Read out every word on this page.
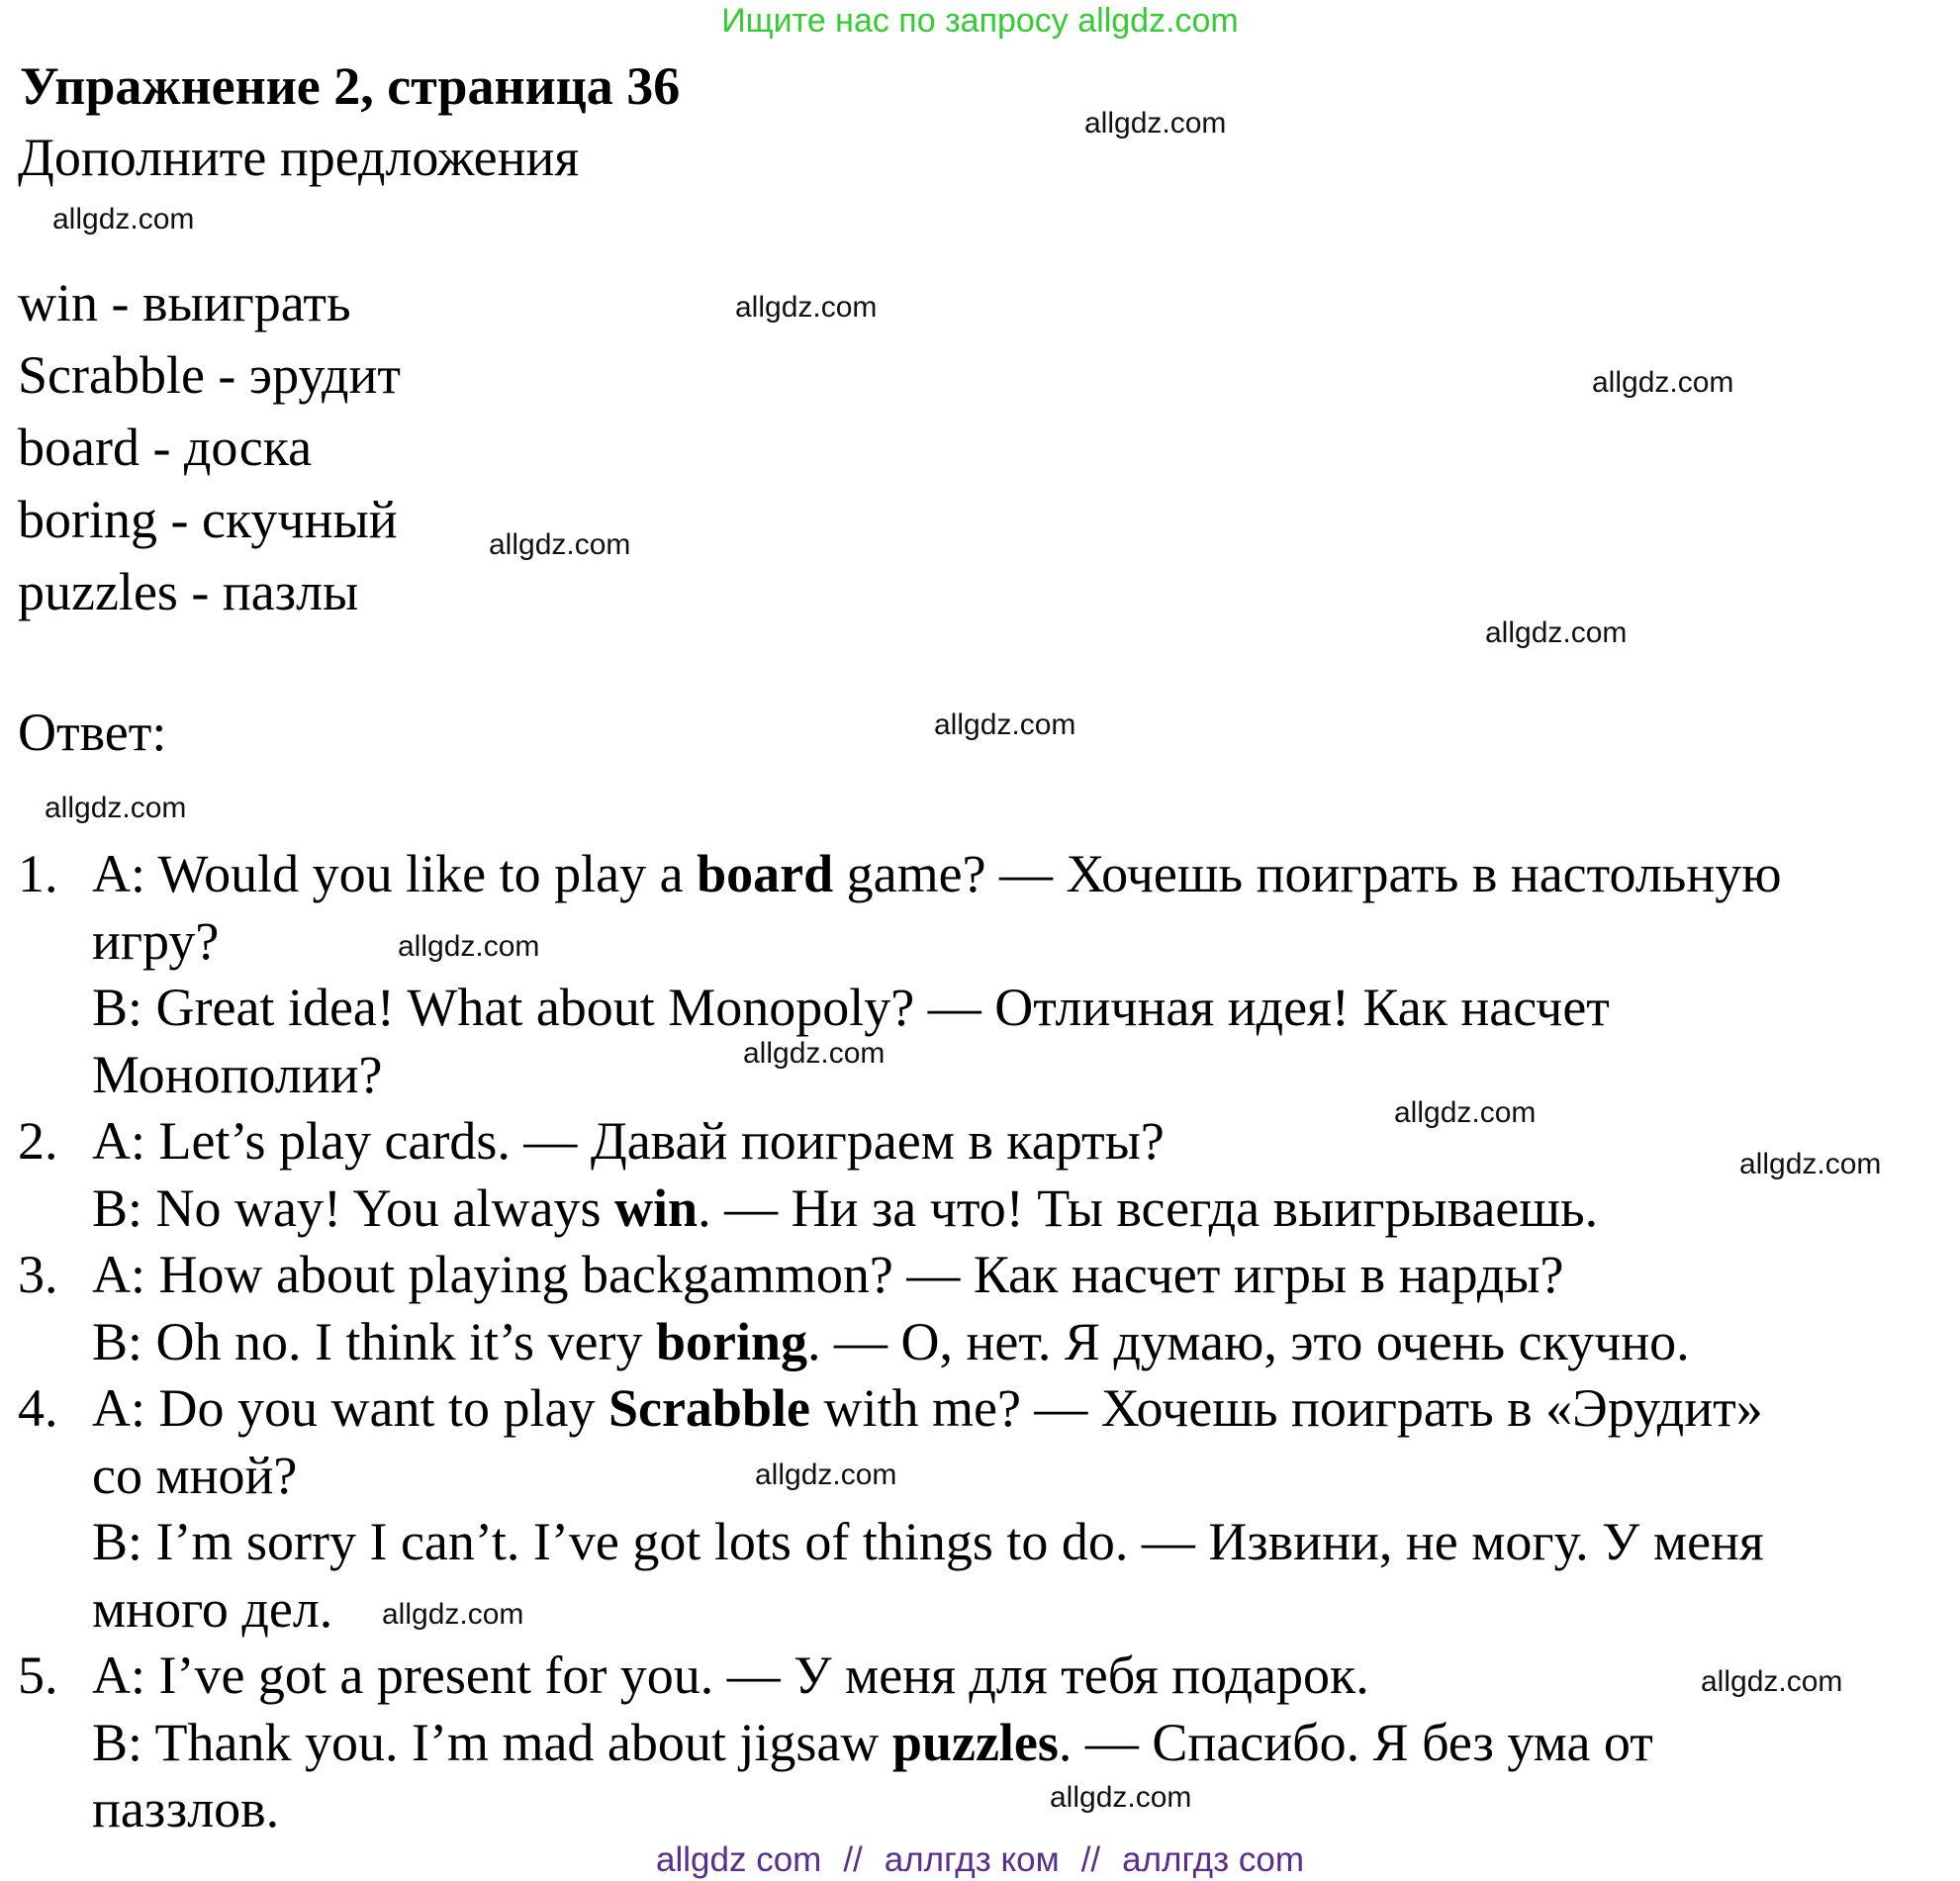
Ищите нас по запросу allgdz.com
Упражнение 2, страница 36
Дополните предложения
win - выиграть
Scrabble - эрудит
board - доска
boring - скучный
puzzles - пазлы
Ответ:
1. A: Would you like to play a board game? — Хочешь поиграть в настольную
игру?
B: Great idea! What about Monopoly? — Отличная идея! Как насчет
Монополии?
2. A: Let’s play cards. — Давай поиграем в карты?
B: No way! You always win. — Ни за что! Ты всегда выигрываешь.
3. A: How about playing backgammon? — Как насчет игры в нарды?
B: Oh no. I think it’s very boring. — О, нет. Я думаю, это очень скучно.
4. A: Do you want to play Scrabble with me? — Хочешь поиграть в «Эрудит»
со мной?
B: I’m sorry I can’t. I’ve got lots of things to do. — Извини, не могу. У меня
много дел.
5. A: I’ve got a present for you. — У меня для тебя подарок.
B: Thank you. I’m mad about jigsaw puzzles. — Спасибо. Я без ума от
паззлов.
allgdz.com
allgdz.com
allgdz.com
allgdz.com
allgdz.com
allgdz.com
allgdz.com
allgdz.com
allgdz.com
allgdz.com
allgdz.com
allgdz.com
allgdz.com
allgdz.com
allgdz.com
allgdz.com
allgdz com // аллгдз ком // аллгдз com
